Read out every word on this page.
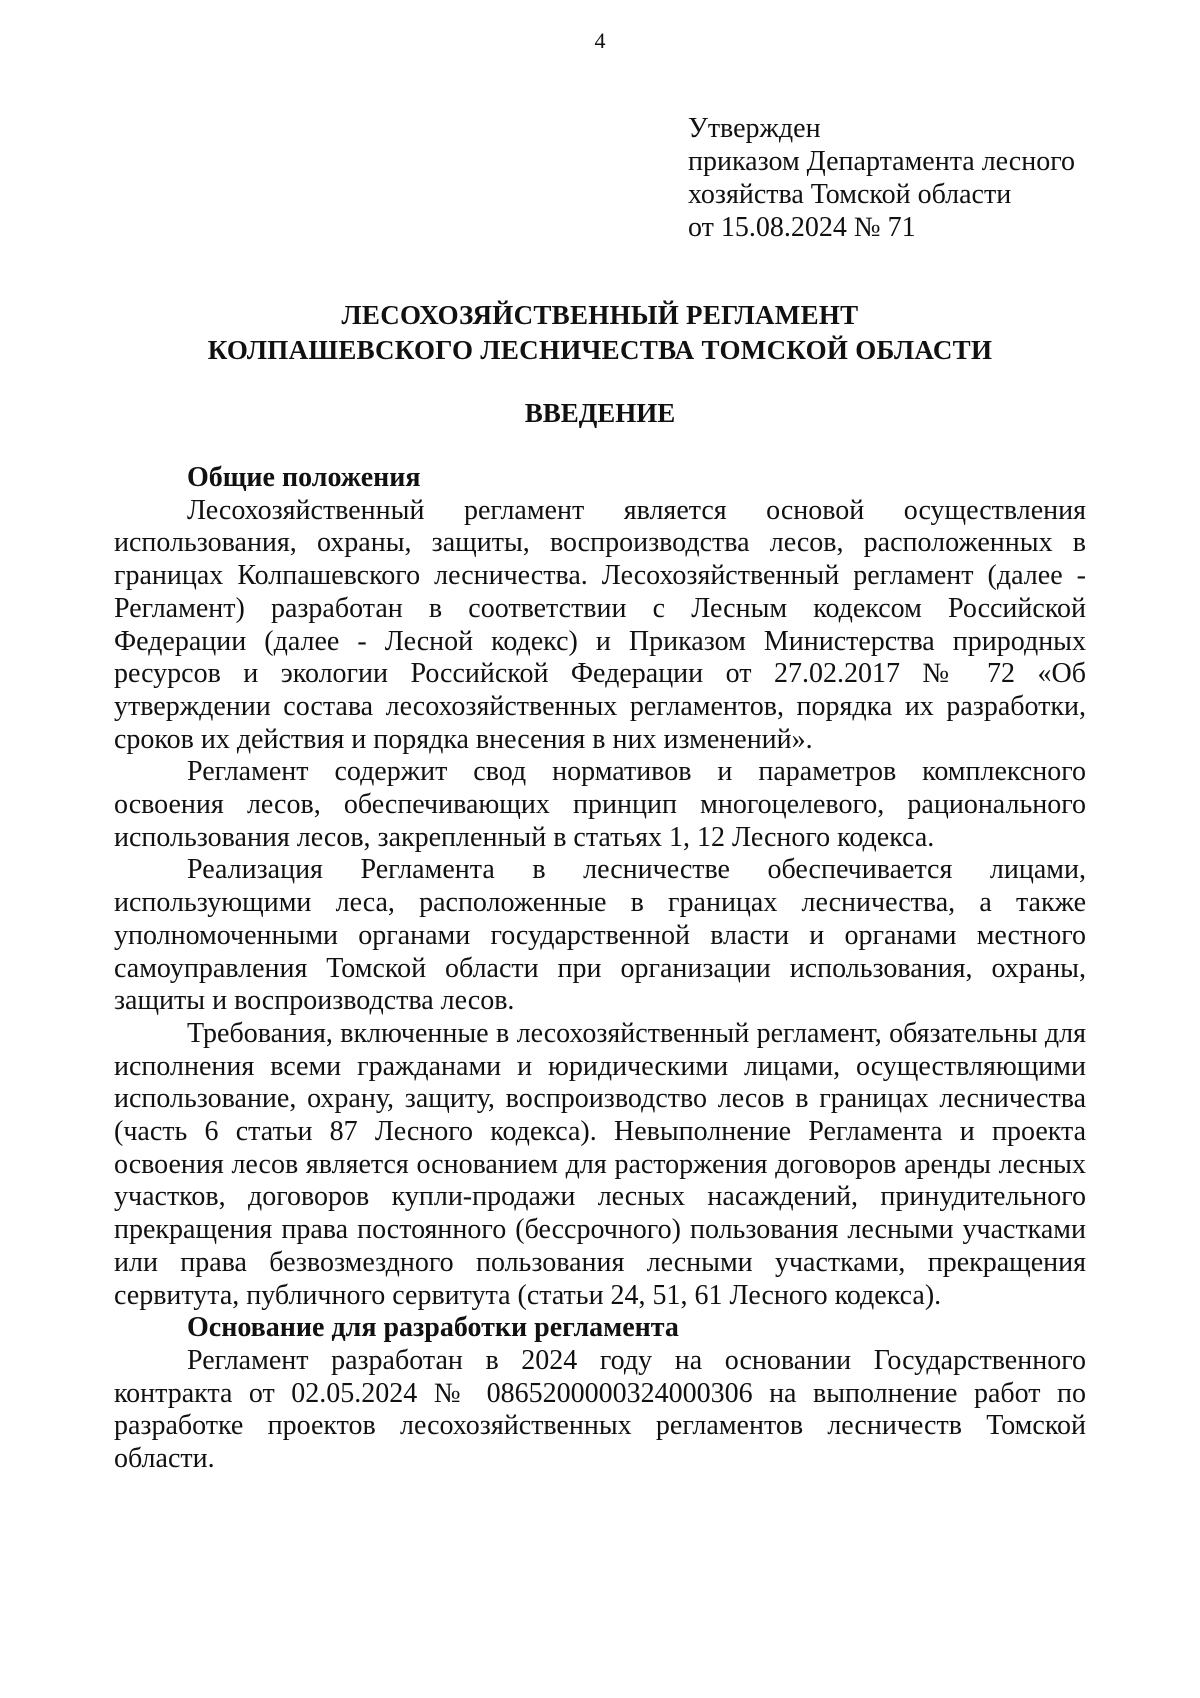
4
Утвержден
приказом Департамента лесного
хозяйства Томской области
от 15.08.2024 № 71
ЛЕСОХОЗЯЙСТВЕННЫЙ РЕГЛАМЕНТ
КОЛПАШЕВСКОГО ЛЕСНИЧЕСТВА ТОМСКОЙ ОБЛАСТИ
ВВЕДЕНИЕ

Общие положения

Лесохозяйственный регламент является основой осуществления использования, охраны, защиты, воспроизводства лесов, расположенных в границах Колпашевского лесничества. Лесохозяйственный регламент (далее - Регламент) разработан в соответствии с Лесным кодексом Российской Федерации (далее - Лесной кодекс) и Приказом Министерства природных ресурсов и экологии Российской Федерации от 27.02.2017 № 72 «Об утверждении состава лесохозяйственных регламентов, порядка их разработки, сроков их действия и порядка внесения в них изменений».

Регламент содержит свод нормативов и параметров комплексного освоения лесов, обеспечивающих принцип многоцелевого, рационального использования лесов, закрепленный в статьях 1, 12 Лесного кодекса.

Реализация Регламента в лесничестве обеспечивается лицами, использующими леса, расположенные в границах лесничества, а также уполномоченными органами государственной власти и органами местного самоуправления Томской области при организации использования, охраны, защиты и воспроизводства лесов.

Требования, включенные в лесохозяйственный регламент, обязательны для исполнения всеми гражданами и юридическими лицами, осуществляющими использование, охрану, защиту, воспроизводство лесов в границах лесничества (часть 6 статьи 87 Лесного кодекса). Невыполнение Регламента и проекта освоения лесов является основанием для расторжения договоров аренды лесных участков, договоров купли-продажи лесных насаждений, принудительного прекращения права постоянного (бессрочного) пользования лесными участками или права безвозмездного пользования лесными участками, прекращения сервитута, публичного сервитута (статьи 24, 51, 61 Лесного кодекса).

Основание для разработки регламента

Регламент разработан в 2024 году на основании Государственного контракта от 02.05.2024 № 0865200000324000306 на выполнение работ по разработке проектов лесохозяйственных регламентов лесничеств Томской области.
